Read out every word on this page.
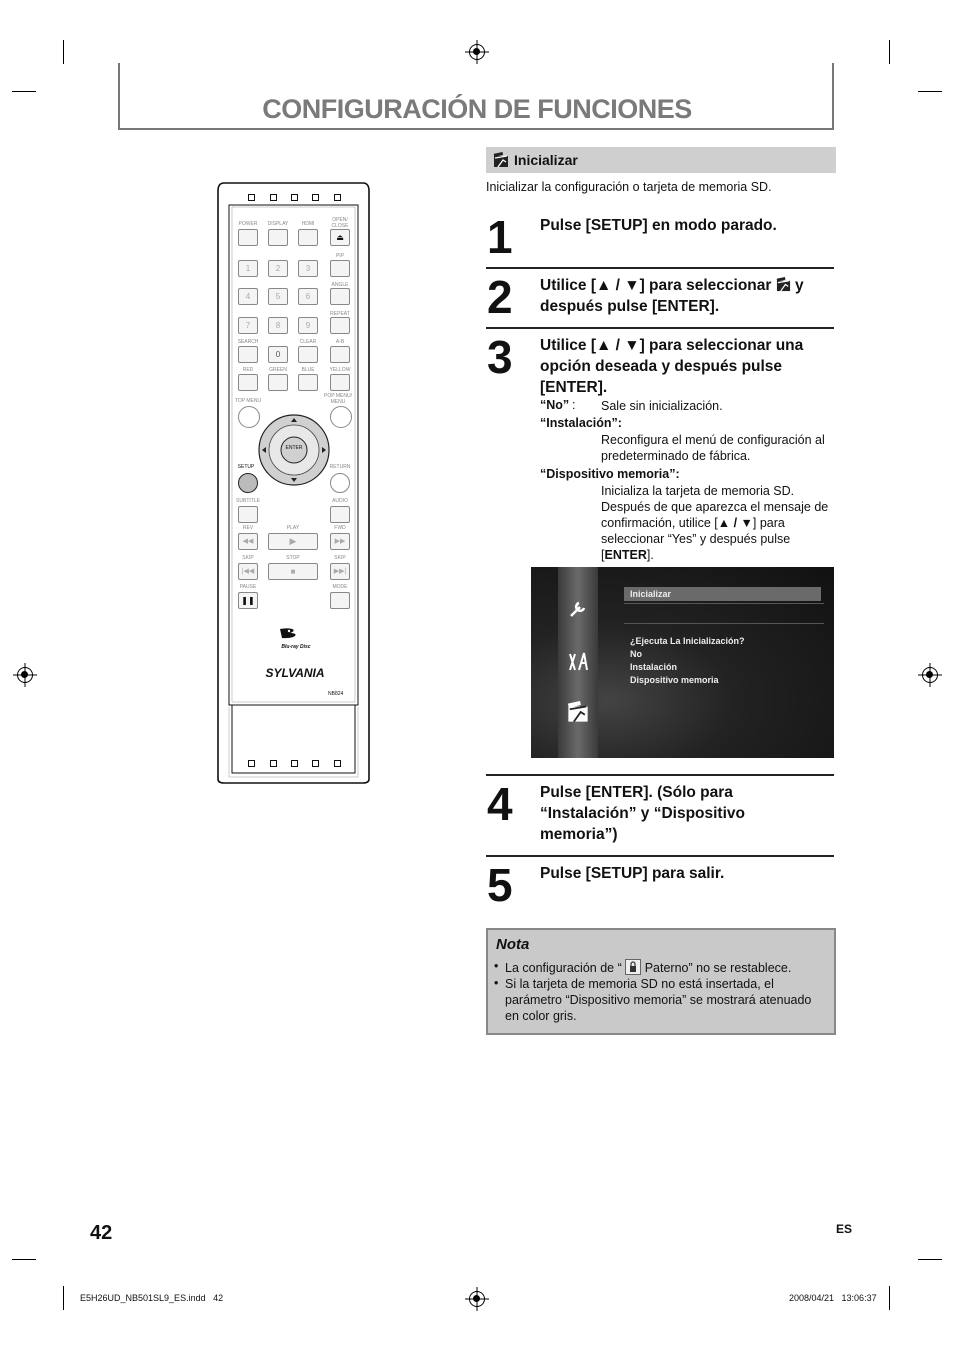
CONFIGURACIÓN DE FUNCIONES
Inicializar
Inicializar la configuración o tarjeta de memoria SD.
1 Pulse [SETUP] en modo parado.
2 Utilice [▲ / ▼] para seleccionar y
después pulse [ENTER].
3 Utilice [▲ / ▼] para seleccionar una opción deseada y después pulse [ENTER].
“No” : Sale sin inicialización.
“Instalación”:
Reconfigura el menú de configuración al predeterminado de fábrica.
“Dispositivo memoria”:
Inicializa la tarjeta de memoria SD. Después de que aparezca el mensaje de confirmación, utilice [▲ / ▼] para seleccionar “Yes” y después pulse [ENTER].
Inicializar
¿Ejecuta La Inicialización?
No
Instalación
Dispositivo memoria
4 Pulse [ENTER]. (Sólo para “Instalación” y “Dispositivo memoria”)
5 Pulse [SETUP] para salir.
Nota
• La configuración de “ Paterno” no se restablece.
• Si la tarjeta de memoria SD no está insertada, el parámetro “Dispositivo memoria” se mostrará atenuado en color gris.
POWER	DISPLAY	HDMI
OPEN/ CLOSE
⏏
1	2	3
PIP
4	5	6
ANGLE
7	8	9
REPEAT
SEARCH	CLEAR	A-B
0
RED	GREEN	BLUE	YELLOW
TOP MENU
POP MENU/ MENU
ENTER
SETUP	RETURN
SUBTITLE	AUDIO
REV	PLAY	FWD
◀◀	▶	▶▶
SKIP	STOP	SKIP
|◀◀	■	▶▶|
PAUSE	MODE
❚❚
Blu-ray Disc
SYLVANIA
NB824
42	ES
E5H26UD_NB501SL9_ES.indd   42	2008/04/21   13:06:37
